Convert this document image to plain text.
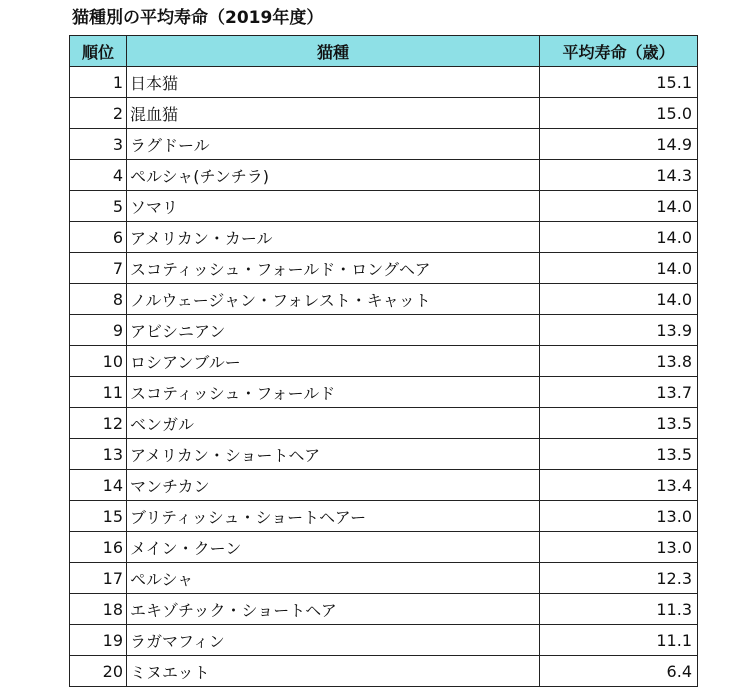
猫種別の平均寿命（2019年度）
順位	猫種	平均寿命（歳）
1	日本猫	15.1
2	混血猫	15.0
3	ラグドール	14.9
4	ペルシャ(チンチラ)	14.3
5	ソマリ	14.0
6	アメリカン・カール	14.0
7	スコティッシュ・フォールド・ロングヘア	14.0
8	ノルウェージャン・フォレスト・キャット	14.0
9	アビシニアン	13.9
10	ロシアンブルー	13.8
11	スコティッシュ・フォールド	13.7
12	ベンガル	13.5
13	アメリカン・ショートヘア	13.5
14	マンチカン	13.4
15	ブリティッシュ・ショートヘアー	13.0
16	メイン・クーン	13.0
17	ペルシャ	12.3
18	エキゾチック・ショートヘア	11.3
19	ラガマフィン	11.1
20	ミヌエット	6.4
